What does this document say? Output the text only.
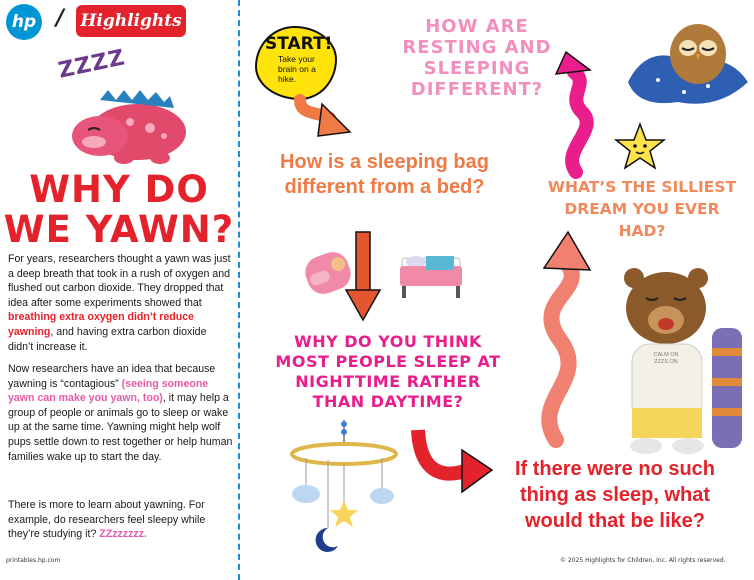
hp / Highlights
ZZZZ
WHY DO
WE YAWN?
For years, researchers thought a yawn was just a deep breath that took in a rush of oxygen and flushed out carbon dioxide. They dropped that idea after some experiments showed that breathing extra oxygen didn’t reduce yawning, and having extra carbon dioxide didn’t increase it.
Now researchers have an idea that because yawning is “contagious” (seeing someone yawn can make you yawn, too), it may help a group of people or animals go to sleep or wake up at the same time. Yawning might help wolf pups settle down to rest together or help human families wake up to start the day.
There is more to learn about yawning. For example, do researchers feel sleepy while they’re studying it? ZZzzzzzz.
printables.hp.com	© 2025 Highlights for Children, Inc. All rights reserved.
START!
Take your brain on a hike.
HOW ARE RESTING AND SLEEPING DIFFERENT?
How is a sleeping bag different from a bed?	WHAT’S THE SILLIEST DREAM YOU EVER HAD?
WHY DO YOU THINK MOST PEOPLE SLEEP AT NIGHTTIME RATHER THAN DAYTIME?
If there were no such thing as sleep, what would that be like?
CALM ON ZZZS ON
